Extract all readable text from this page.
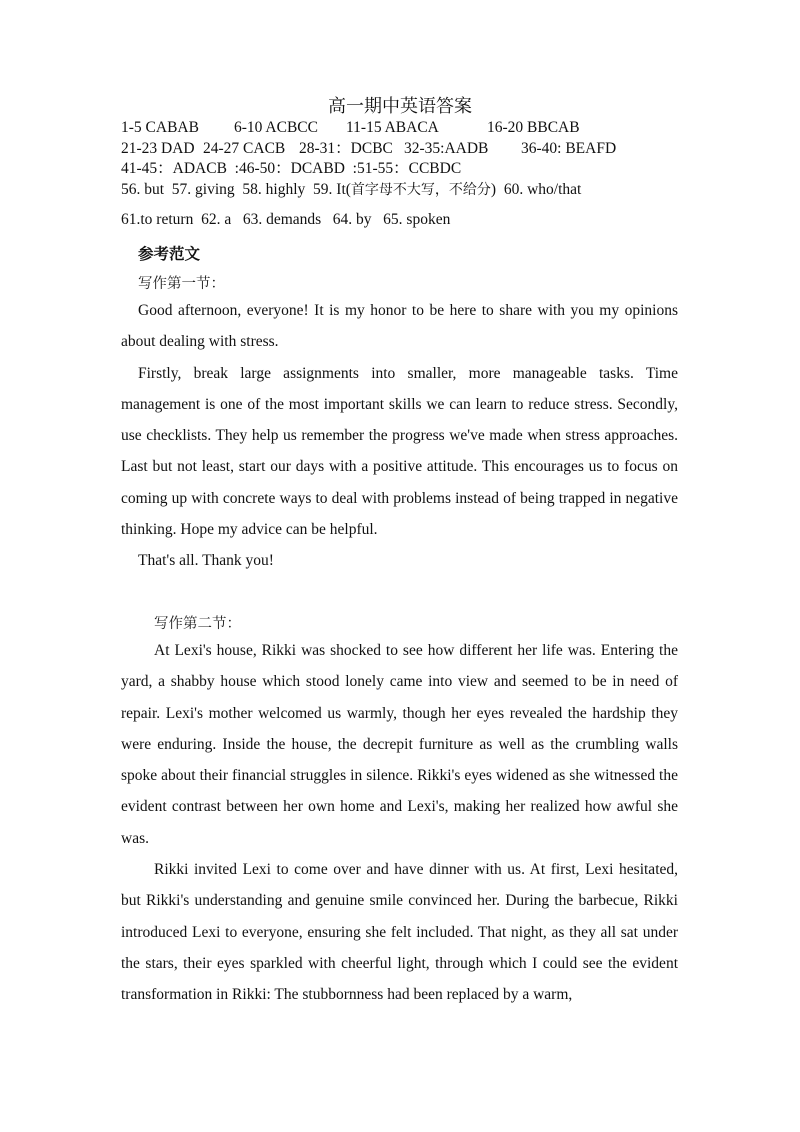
高一期中英语答案

1-5 CABAB

6-10 ACBCC

11-15 ABACA

	16-20 BBCAB

21-23 DAD

24-27 CACB

28-31：DCBC

32-35:AADB

36-40: BEAFD

41-45：ADACB  :46-50：DCABD  :51-55：CCBDC
56. but  57. giving  58. highly  59. It(首字母不大写，不给分)  60. who/that
61.to return  62. a   63. demands   64. by   65. spoken
参考范文
写作第一节：

Good afternoon, everyone! It is my honor to be here to share with you my opinions about dealing with stress.

Firstly, break large assignments into smaller, more manageable tasks. Time management is one of the most important skills we can learn to reduce stress. Secondly, use checklists. They help us remember the progress we've made when stress approaches. Last but not least, start our days with a positive attitude. This encourages us to focus on coming up with concrete ways to deal with problems instead of being trapped in negative thinking. Hope my advice can be helpful.

That's all. Thank you!

写作第二节：

At Lexi's house, Rikki was shocked to see how different her life was. Entering the yard, a shabby house which stood lonely came into view and seemed to be in need of repair. Lexi's mother welcomed us warmly, though her eyes revealed the hardship they were enduring. Inside the house, the decrepit furniture as well as the crumbling walls spoke about their financial struggles in silence. Rikki's eyes widened as she witnessed the evident contrast between her own home and Lexi's, making her realized how awful she was.

Rikki invited Lexi to come over and have dinner with us. At first, Lexi hesitated, but Rikki's understanding and genuine smile convinced her. During the barbecue, Rikki introduced Lexi to everyone, ensuring she felt included. That night, as they all sat under the stars, their eyes sparkled with cheerful light, through which I could see the evident transformation in Rikki: The stubbornness had been replaced by a warm,
